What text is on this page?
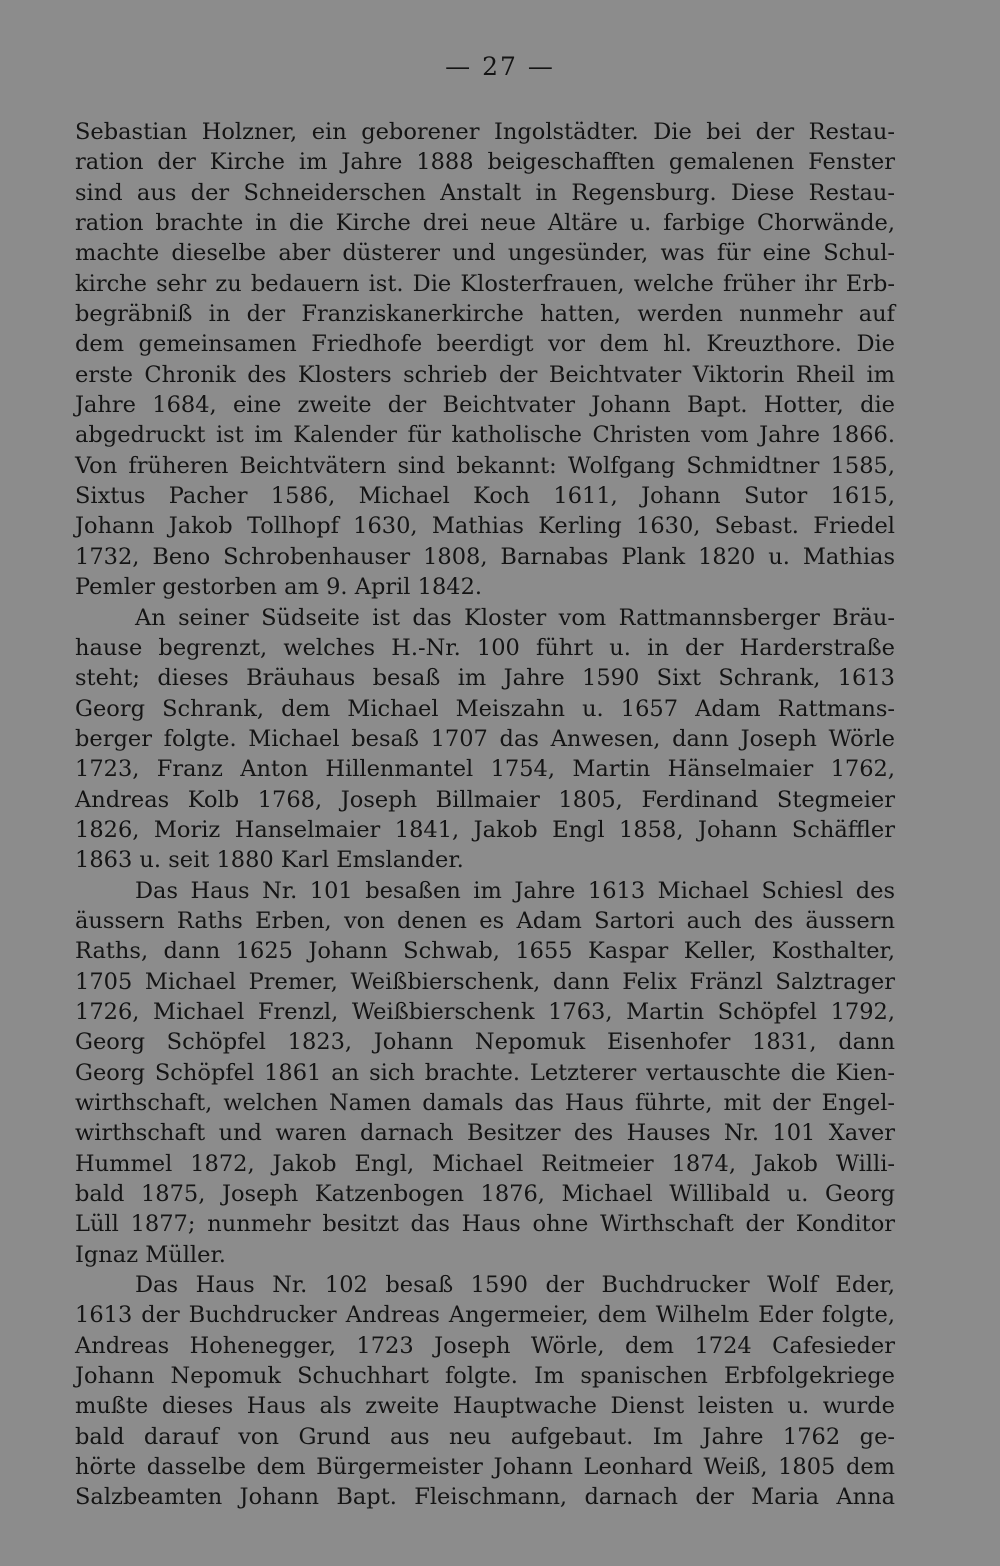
— 27 —
Sebastian Holzner, ein geborener Ingolstädter. Die bei der Restau-
ration der Kirche im Jahre 1888 beigeschafften gemalenen Fenster
sind aus der Schneiderschen Anstalt in Regensburg. Diese Restau-
ration brachte in die Kirche drei neue Altäre u. farbige Chorwände,
machte dieselbe aber düsterer und ungesünder, was für eine Schul-
kirche sehr zu bedauern ist. Die Klosterfrauen, welche früher ihr Erb-
begräbniß in der Franziskanerkirche hatten, werden nunmehr auf
dem gemeinsamen Friedhofe beerdigt vor dem hl. Kreuzthore. Die
erste Chronik des Klosters schrieb der Beichtvater Viktorin Rheil im
Jahre 1684, eine zweite der Beichtvater Johann Bapt. Hotter, die
abgedruckt ist im Kalender für katholische Christen vom Jahre 1866.
Von früheren Beichtvätern sind bekannt: Wolfgang Schmidtner 1585,
Sixtus Pacher 1586, Michael Koch 1611, Johann Sutor 1615,
Johann Jakob Tollhopf 1630, Mathias Kerling 1630, Sebast. Friedel
1732, Beno Schrobenhauser 1808, Barnabas Plank 1820 u. Mathias
Pemler gestorben am 9. April 1842.
An seiner Südseite ist das Kloster vom Rattmannsberger Bräu-
hause begrenzt, welches H.-Nr. 100 führt u. in der Harderstraße
steht; dieses Bräuhaus besaß im Jahre 1590 Sixt Schrank, 1613
Georg Schrank, dem Michael Meiszahn u. 1657 Adam Rattmans-
berger folgte. Michael besaß 1707 das Anwesen, dann Joseph Wörle
1723, Franz Anton Hillenmantel 1754, Martin Hänselmaier 1762,
Andreas Kolb 1768, Joseph Billmaier 1805, Ferdinand Stegmeier
1826, Moriz Hanselmaier 1841, Jakob Engl 1858, Johann Schäffler
1863 u. seit 1880 Karl Emslander.
Das Haus Nr. 101 besaßen im Jahre 1613 Michael Schiesl des
äussern Raths Erben, von denen es Adam Sartori auch des äussern
Raths, dann 1625 Johann Schwab, 1655 Kaspar Keller, Kosthalter,
1705 Michael Premer, Weißbierschenk, dann Felix Fränzl Salztrager
1726, Michael Frenzl, Weißbierschenk 1763, Martin Schöpfel 1792,
Georg Schöpfel 1823, Johann Nepomuk Eisenhofer 1831, dann
Georg Schöpfel 1861 an sich brachte. Letzterer vertauschte die Kien-
wirthschaft, welchen Namen damals das Haus führte, mit der Engel-
wirthschaft und waren darnach Besitzer des Hauses Nr. 101 Xaver
Hummel 1872, Jakob Engl, Michael Reitmeier 1874, Jakob Willi-
bald 1875, Joseph Katzenbogen 1876, Michael Willibald u. Georg
Lüll 1877; nunmehr besitzt das Haus ohne Wirthschaft der Konditor
Ignaz Müller.
Das Haus Nr. 102 besaß 1590 der Buchdrucker Wolf Eder,
1613 der Buchdrucker Andreas Angermeier, dem Wilhelm Eder folgte,
Andreas Hohenegger, 1723 Joseph Wörle, dem 1724 Cafesieder
Johann Nepomuk Schuchhart folgte. Im spanischen Erbfolgekriege
mußte dieses Haus als zweite Hauptwache Dienst leisten u. wurde
bald darauf von Grund aus neu aufgebaut. Im Jahre 1762 ge-
hörte dasselbe dem Bürgermeister Johann Leonhard Weiß, 1805 dem
Salzbeamten Johann Bapt. Fleischmann, darnach der Maria Anna
